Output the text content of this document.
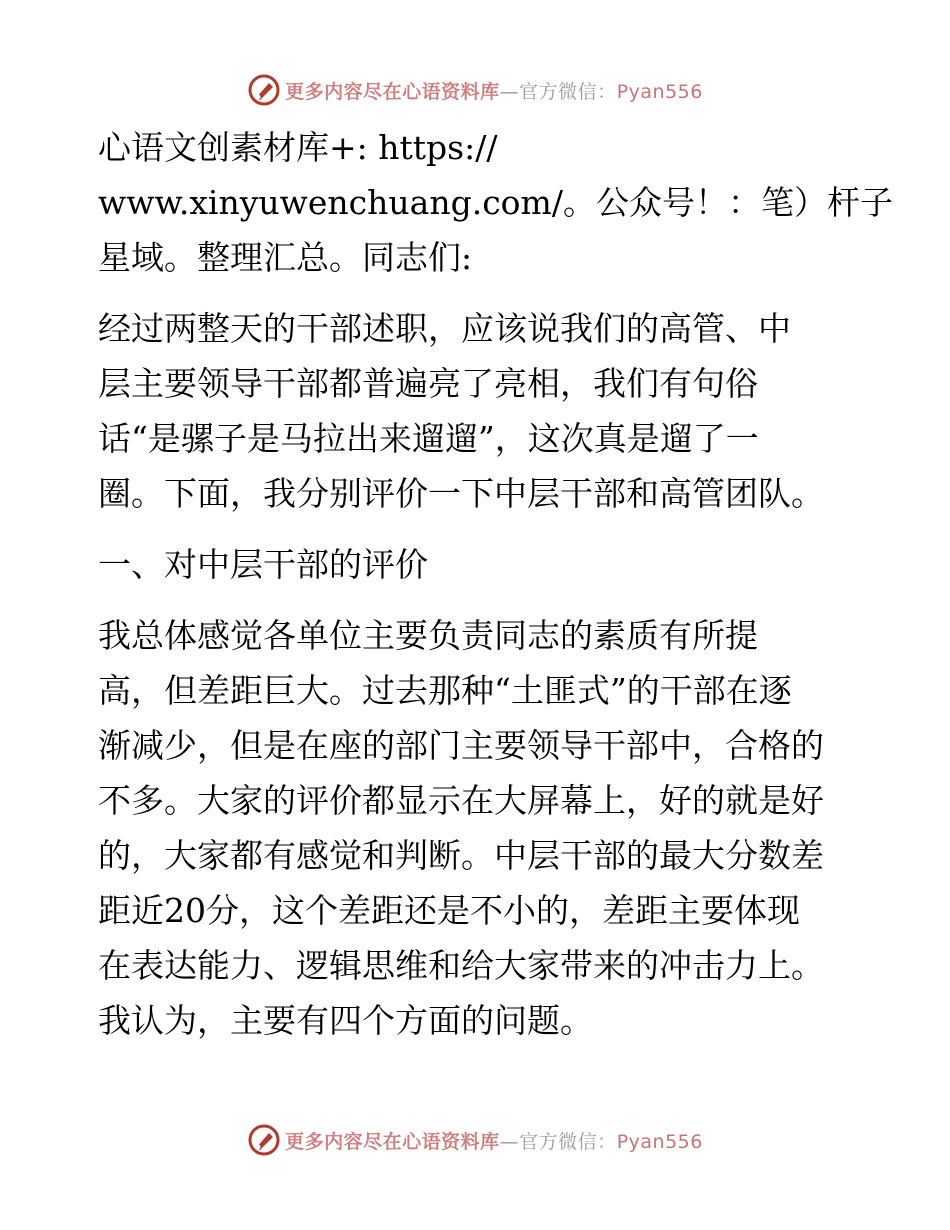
更多内容尽在心语资料库—官方微信：Pyan556

心语文创素材库+: https://
www.xinyuwenchuang.com/。公众号！：笔）杆子
星域。整理汇总。同志们:

经过两整天的干部述职，应该说我们的高管、中
层主要领导干部都普遍亮了亮相，我们有句俗
话“是骡子是马拉出来遛遛”，这次真是遛了一
圈。下面，我分别评价一下中层干部和高管团队。

一、对中层干部的评价

我总体感觉各单位主要负责同志的素质有所提
高，但差距巨大。过去那种“土匪式”的干部在逐
渐减少，但是在座的部门主要领导干部中，合格的
不多。大家的评价都显示在大屏幕上，好的就是好
的，大家都有感觉和判断。中层干部的最大分数差
距近20分，这个差距还是不小的，差距主要体现
在表达能力、逻辑思维和给大家带来的冲击力上。
我认为，主要有四个方面的问题。

更多内容尽在心语资料库—官方微信：Pyan556
